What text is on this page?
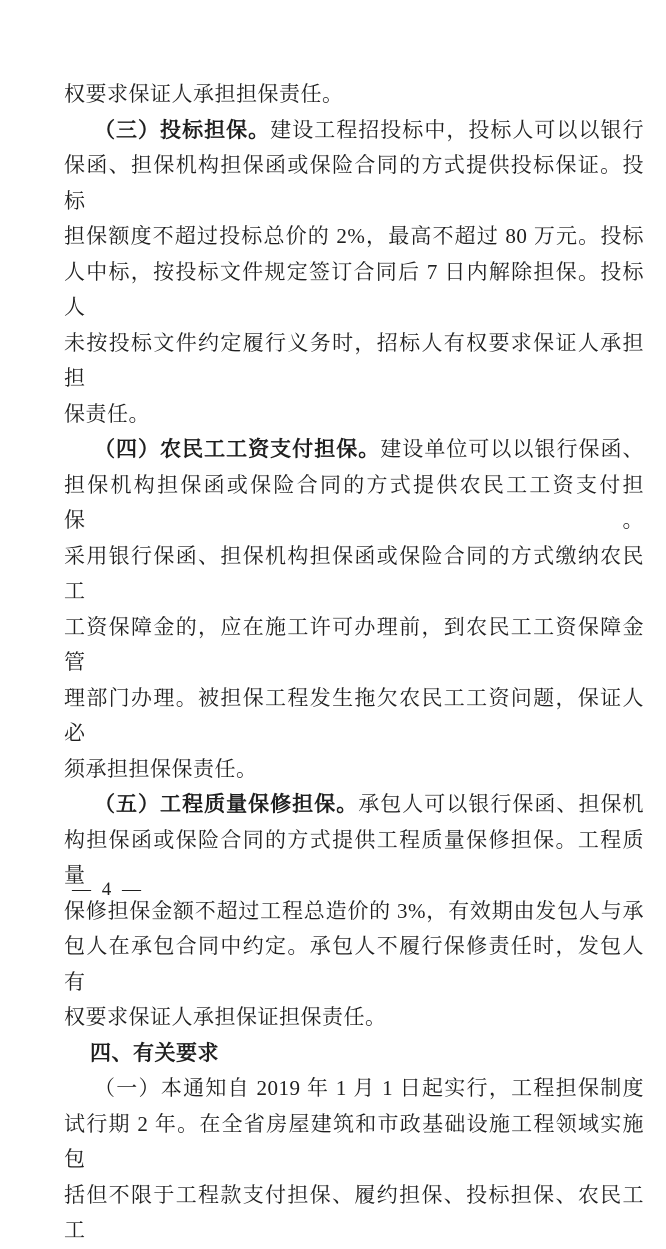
权要求保证人承担担保责任。
（三）投标担保。建设工程招投标中，投标人可以以银行
保函、担保机构担保函或保险合同的方式提供投标保证。投标
担保额度不超过投标总价的 2%，最高不超过 80 万元。投标
人中标，按投标文件规定签订合同后 7 日内解除担保。投标人
未按投标文件约定履行义务时，招标人有权要求保证人承担担
保责任。
（四）农民工工资支付担保。建设单位可以以银行保函、
担保机构担保函或保险合同的方式提供农民工工资支付担保。
采用银行保函、担保机构担保函或保险合同的方式缴纳农民工
工资保障金的，应在施工许可办理前，到农民工工资保障金管
理部门办理。被担保工程发生拖欠农民工工资问题，保证人必
须承担担保保责任。
（五）工程质量保修担保。承包人可以银行保函、担保机
构担保函或保险合同的方式提供工程质量保修担保。工程质量
保修担保金额不超过工程总造价的 3%，有效期由发包人与承
包人在承包合同中约定。承包人不履行保修责任时，发包人有
权要求保证人承担保证担保责任。
四、有关要求
（一）本通知自 2019 年 1 月 1 日起实行，工程担保制度
试行期 2 年。在全省房屋建筑和市政基础设施工程领域实施包
括但不限于工程款支付担保、履约担保、投标担保、农民工工
— 4 —
